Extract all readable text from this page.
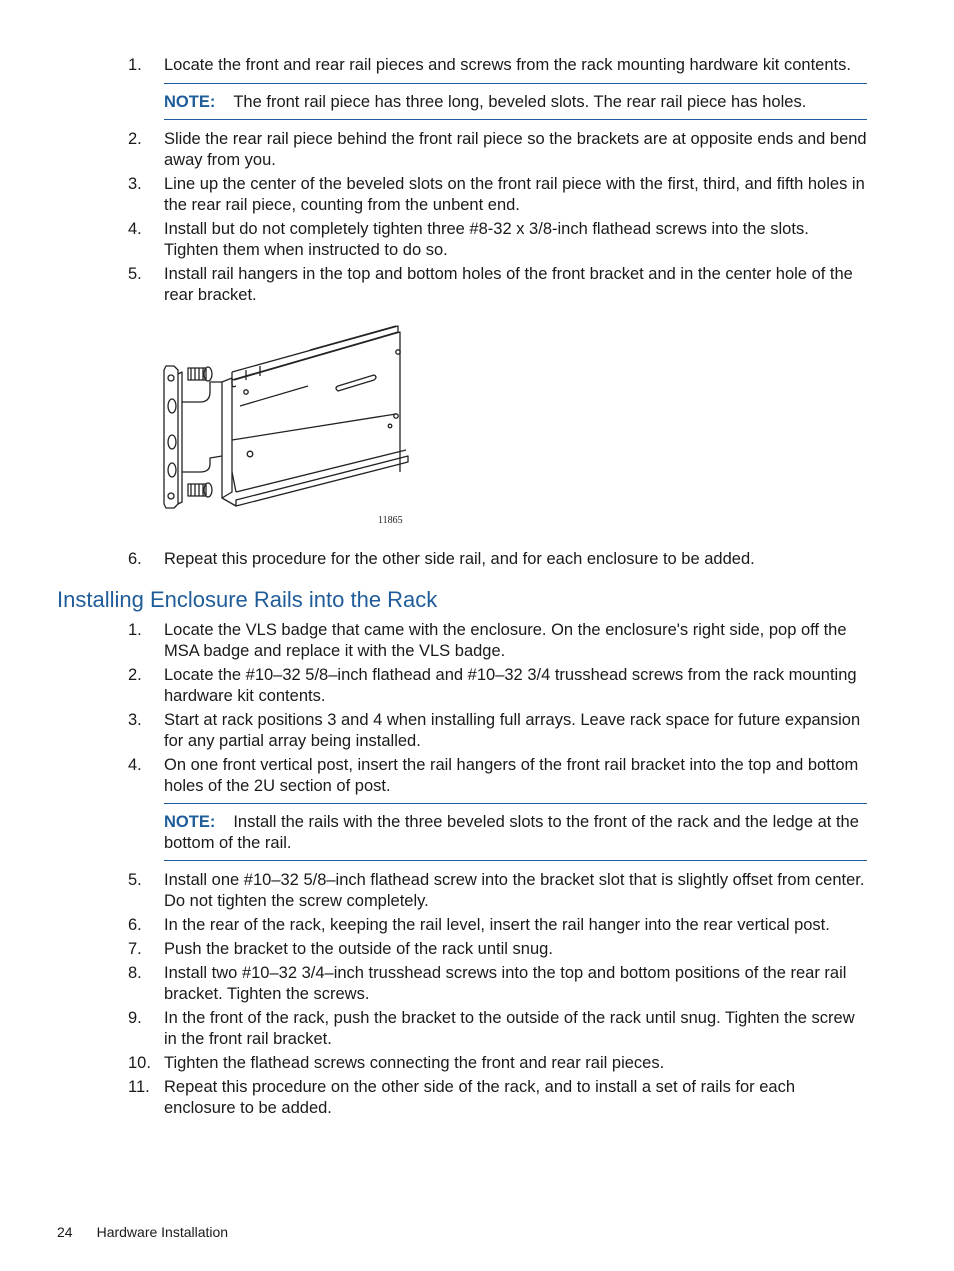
1. Locate the front and rear rail pieces and screws from the rack mounting hardware kit contents.
NOTE: The front rail piece has three long, beveled slots. The rear rail piece has holes.
2. Slide the rear rail piece behind the front rail piece so the brackets are at opposite ends and bend away from you.
3. Line up the center of the beveled slots on the front rail piece with the first, third, and fifth holes in the rear rail piece, counting from the unbent end.
4. Install but do not completely tighten three #8-32 x 3/8-inch flathead screws into the slots. Tighten them when instructed to do so.
5. Install rail hangers in the top and bottom holes of the front bracket and in the center hole of the rear bracket.
11865
6. Repeat this procedure for the other side rail, and for each enclosure to be added.
Installing Enclosure Rails into the Rack
1. Locate the VLS badge that came with the enclosure. On the enclosure's right side, pop off the MSA badge and replace it with the VLS badge.
2. Locate the #10–32 5/8–inch flathead and #10–32 3/4 trusshead screws from the rack mounting hardware kit contents.
3. Start at rack positions 3 and 4 when installing full arrays. Leave rack space for future expansion for any partial array being installed.
4. On one front vertical post, insert the rail hangers of the front rail bracket into the top and bottom holes of the 2U section of post.
NOTE: Install the rails with the three beveled slots to the front of the rack and the ledge at the bottom of the rail.
5. Install one #10–32 5/8–inch flathead screw into the bracket slot that is slightly offset from center. Do not tighten the screw completely.
6. In the rear of the rack, keeping the rail level, insert the rail hanger into the rear vertical post.
7. Push the bracket to the outside of the rack until snug.
8. Install two #10–32 3/4–inch trusshead screws into the top and bottom positions of the rear rail bracket. Tighten the screws.
9. In the front of the rack, push the bracket to the outside of the rack until snug. Tighten the screw in the front rail bracket.
10. Tighten the flathead screws connecting the front and rear rail pieces.
11. Repeat this procedure on the other side of the rack, and to install a set of rails for each enclosure to be added.
24 Hardware Installation
